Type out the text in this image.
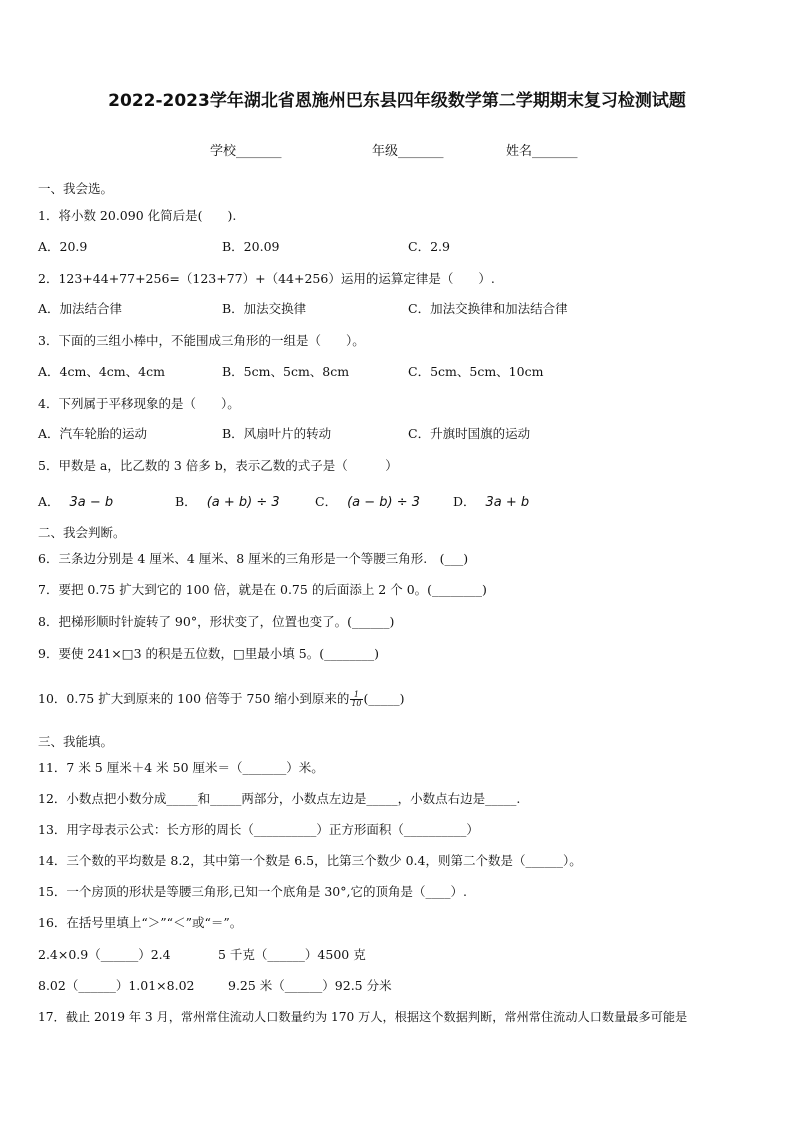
2022-2023学年湖北省恩施州巴东县四年级数学第二学期期末复习检测试题
学校_______	年级_______	姓名_______
一、我会选。
1．将小数 20.090 化简后是(　　).
A．20.9	B．20.09	C．2.9
2．123+44+77+256=（123+77）+（44+256）运用的运算定律是（　　）.
A．加法结合律	B．加法交换律	C．加法交换律和加法结合律
3．下面的三组小棒中，不能围成三角形的一组是（　　）。
A．4cm、4cm、4cm	B．5cm、5cm、8cm	C．5cm、5cm、10cm
4．下列属于平移现象的是（　　）。
A．汽车轮胎的运动	B．风扇叶片的转动	C．升旗时国旗的运动
5．甲数是 a，比乙数的 3 倍多 b，表示乙数的式子是（　　　）
A． 3a − b	B． (a + b) ÷ 3	C． (a − b) ÷ 3	D． 3a + b
二、我会判断。
6．三条边分别是 4 厘米、4 厘米、8 厘米的三角形是一个等腰三角形.　(___)
7．要把 0.75 扩大到它的 100 倍，就是在 0.75 的后面添上 2 个 0。(________)
8．把梯形顺时针旋转了 90°，形状变了，位置也变了。(______)
9．要使 241×□3 的积是五位数，□里最小填 5。(________)
10．0.75 扩大到原来的 100 倍等于 750 缩小到原来的 $\frac{1}{10}$ (_____)
三、我能填。
11．7 米 5 厘米＋4 米 50 厘米＝（_______）米。
12．小数点把小数分成_____和_____两部分，小数点左边是_____，小数点右边是_____.
13．用字母表示公式：长方形的周长（__________）正方形面积（__________）
14．三个数的平均数是 8.2，其中第一个数是 6.5，比第三个数少 0.4，则第二个数是（______）。
15．一个房顶的形状是等腰三角形,已知一个底角是 30°,它的顶角是（____）.
16．在括号里填上“＞”“＜”或“＝”。
2.4×0.9（______）2.4	5 千克（______）4500 克
8.02（______）1.01×8.02	9.25 米（______）92.5 分米
17．截止 2019 年 3 月，常州常住流动人口数量约为 170 万人，根据这个数据判断，常州常住流动人口数量最多可能是
